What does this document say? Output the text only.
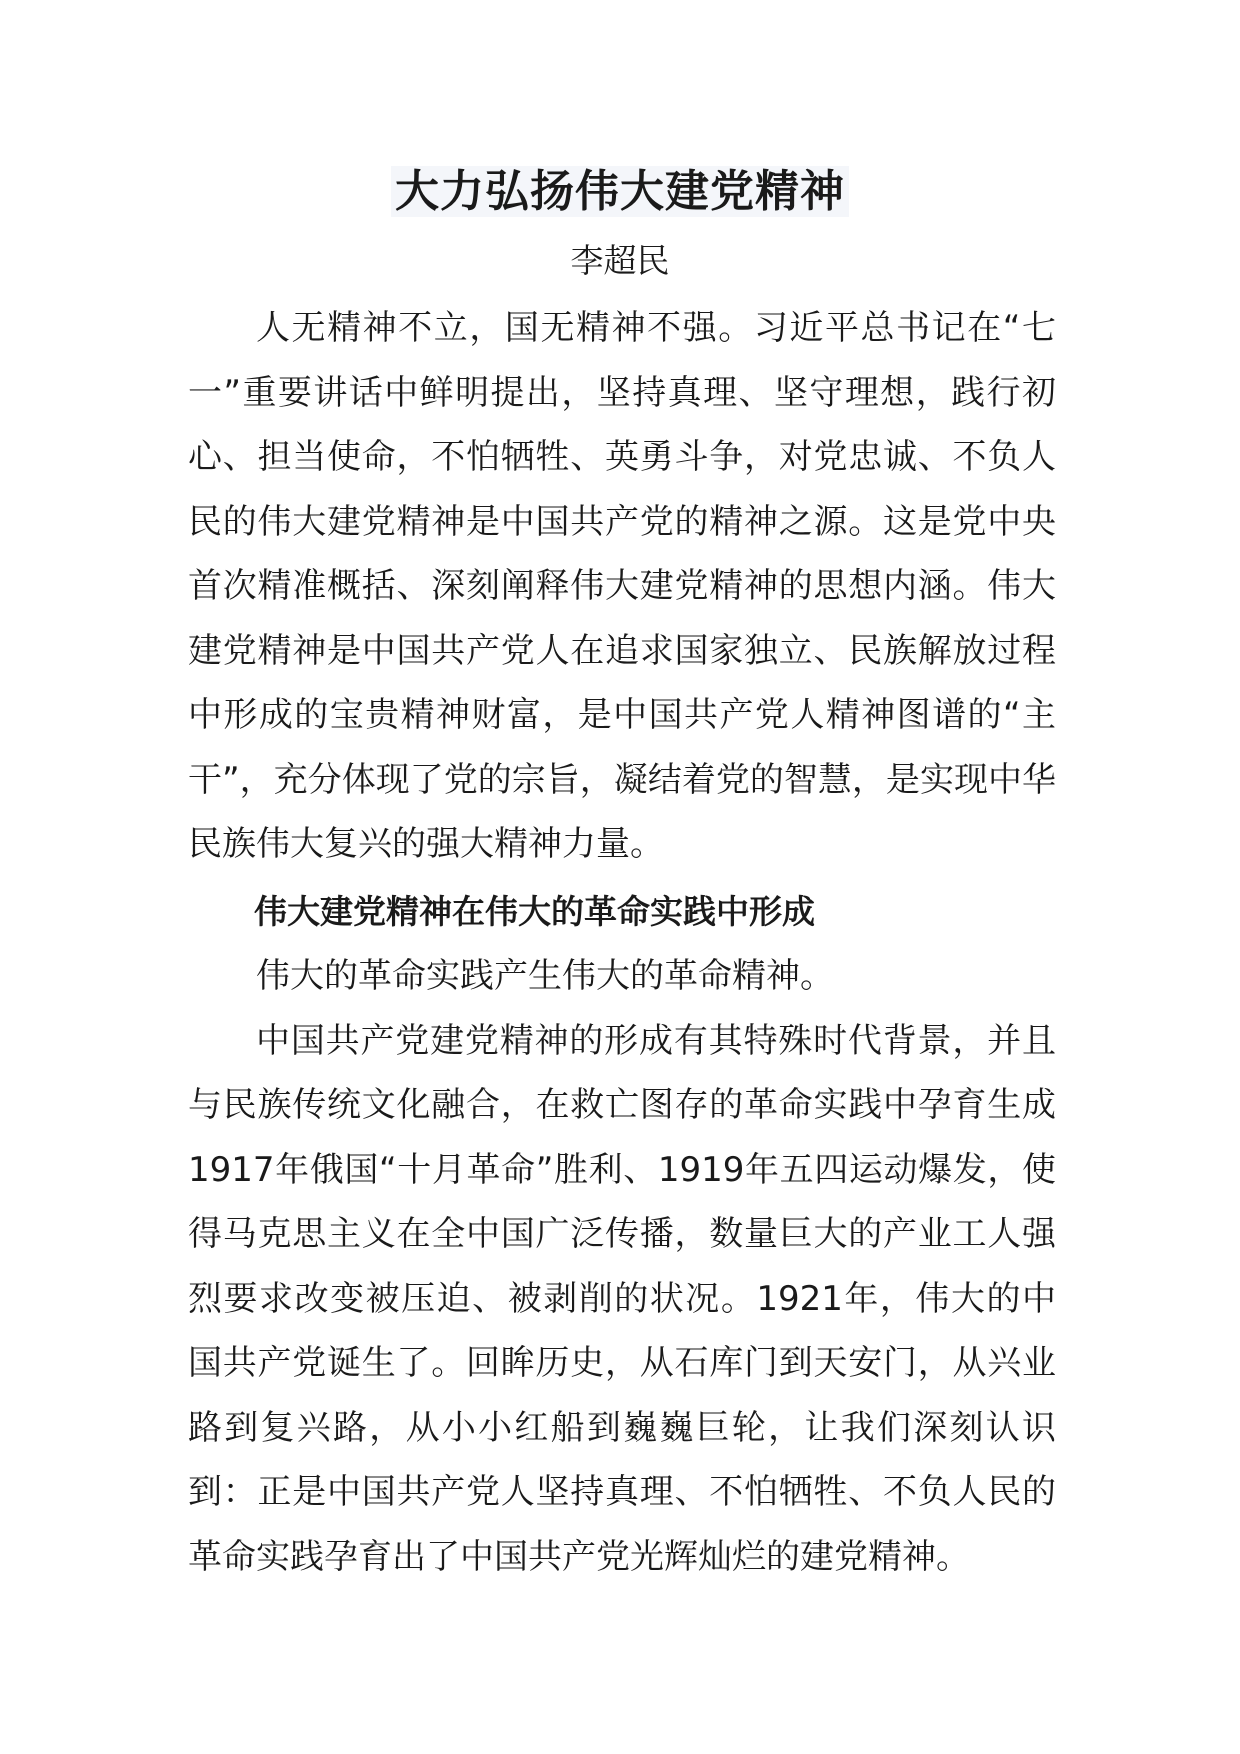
大力弘扬伟大建党精神

李超民

人无精神不立，国无精神不强。习近平总书记在“七一”重要讲话中鲜明提出，坚持真理、坚守理想，践行初心、担当使命，不怕牺牲、英勇斗争，对党忠诚、不负人民的伟大建党精神是中国共产党的精神之源。这是党中央首次精准概括、深刻阐释伟大建党精神的思想内涵。伟大建党精神是中国共产党人在追求国家独立、民族解放过程中形成的宝贵精神财富，是中国共产党人精神图谱的“主干”，充分体现了党的宗旨，凝结着党的智慧，是实现中华民族伟大复兴的强大精神力量。

伟大建党精神在伟大的革命实践中形成

伟大的革命实践产生伟大的革命精神。

中国共产党建党精神的形成有其特殊时代背景，并且与民族传统文化融合，在救亡图存的革命实践中孕育生成1917年俄国“十月革命”胜利、1919年五四运动爆发，使得马克思主义在全中国广泛传播，数量巨大的产业工人强烈要求改变被压迫、被剥削的状况。1921年，伟大的中国共产党诞生了。回眸历史，从石库门到天安门，从兴业路到复兴路，从小小红船到巍巍巨轮，让我们深刻认识到：正是中国共产党人坚持真理、不怕牺牲、不负人民的革命实践孕育出了中国共产党光辉灿烂的建党精神。
